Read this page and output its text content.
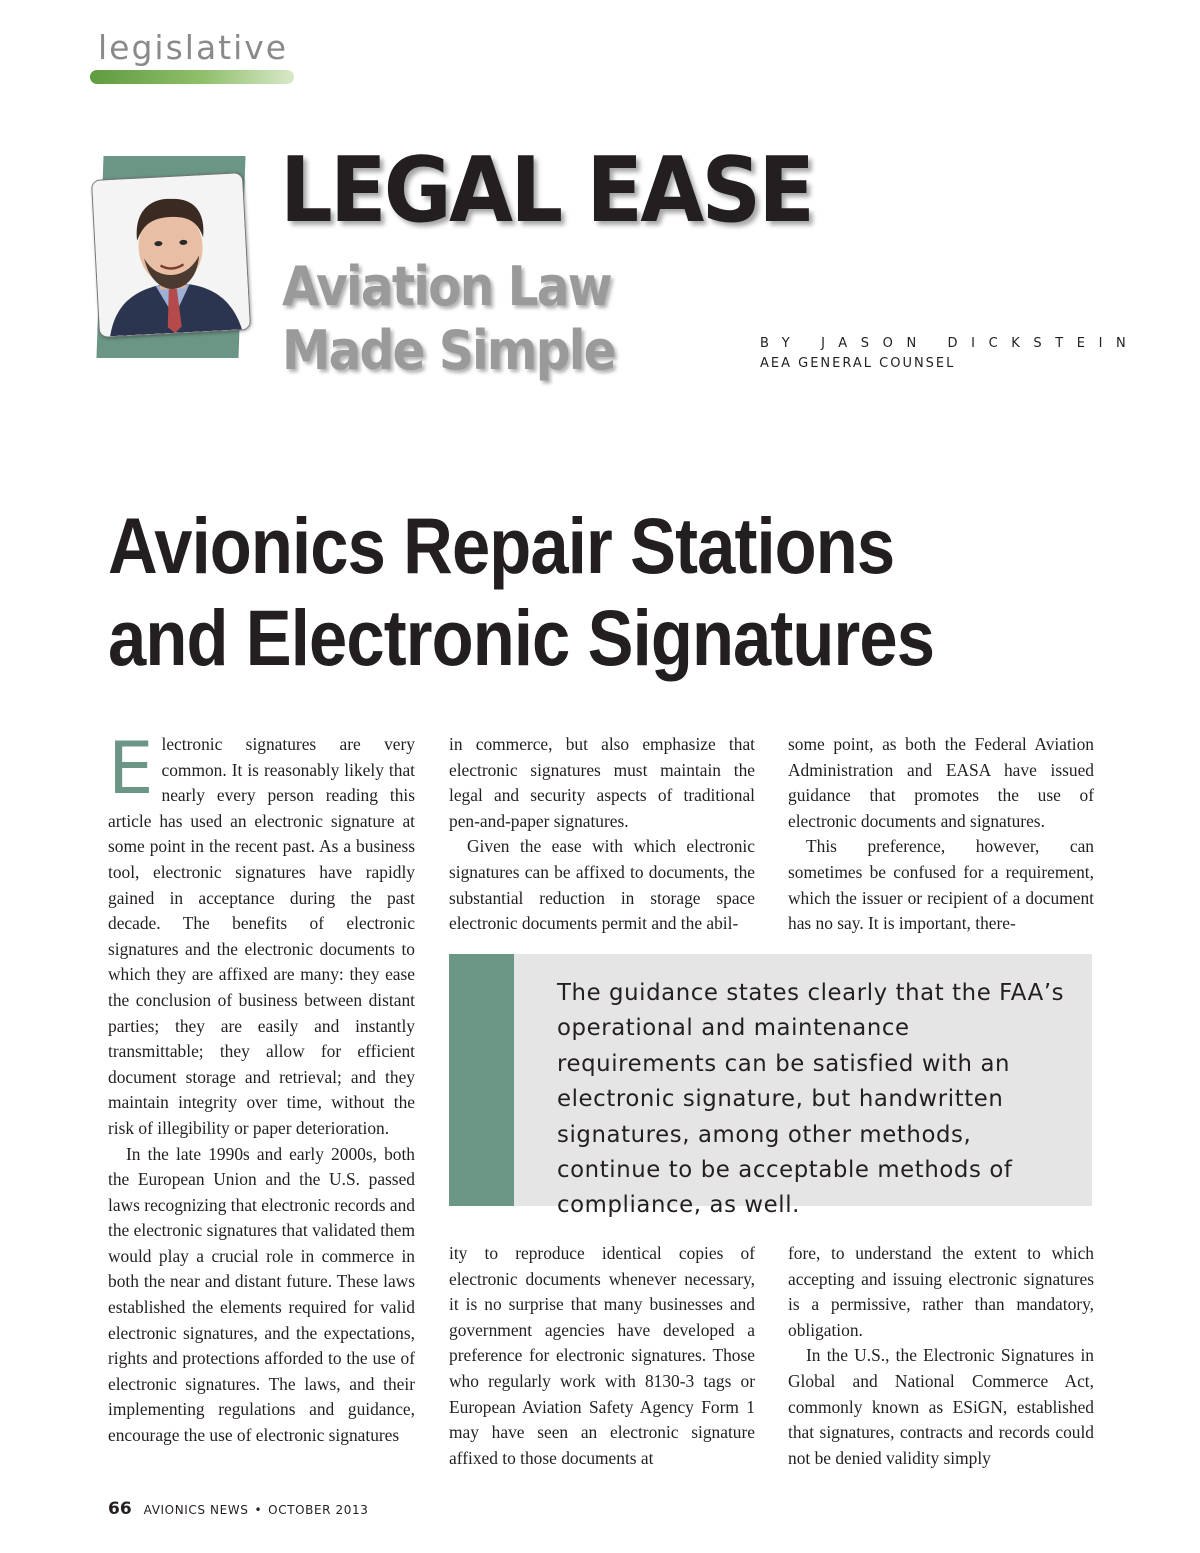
legislative
LEGAL EASE
Aviation Law
Made Simple	BY JASON DICKSTEIN
AEA GENERAL COUNSEL
Avionics Repair Stations
and Electronic Signatures

Electronic signatures are very common. It is reasonably likely that nearly every person reading this article has used an electronic signature at some point in the recent past. As a business tool, electronic signatures have rapidly gained in acceptance during the past decade. The benefits of electronic signatures and the electronic documents to which they are affixed are many: they ease the conclusion of business between distant parties; they are easily and instantly transmittable; they allow for efficient document storage and retrieval; and they maintain integrity over time, without the risk of illegibility or paper deterioration.

In the late 1990s and early 2000s, both the European Union and the U.S. passed laws recognizing that electronic records and the electronic signatures that validated them would play a crucial role in commerce in both the near and distant future. These laws established the elements required for valid electronic signatures, and the expectations, rights and protections afforded to the use of electronic signatures. The laws, and their implementing regulations and guidance, encourage the use of electronic signatures

in commerce, but also emphasize that electronic signatures must maintain the legal and security aspects of traditional pen-and-paper signatures.

Given the ease with which electronic signatures can be affixed to documents, the substantial reduction in storage space electronic documents permit and the abil-

some point, as both the Federal Aviation Administration and EASA have issued guidance that promotes the use of electronic documents and signatures.

This preference, however, can sometimes be confused for a requirement, which the issuer or recipient of a document has no say. It is important, there-

The guidance states clearly that the FAA’s operational and maintenance requirements can be satisfied with an electronic signature, but handwritten signatures, among other methods, continue to be acceptable methods of compliance, as well.

ity to reproduce identical copies of electronic documents whenever necessary, it is no surprise that many businesses and government agencies have developed a preference for electronic signatures. Those who regularly work with 8130-3 tags or European Aviation Safety Agency Form 1 may have seen an electronic signature affixed to those documents at

fore, to understand the extent to which accepting and issuing electronic signatures is a permissive, rather than mandatory, obligation.

In the U.S., the Electronic Signatures in Global and National Commerce Act, commonly known as ESiGN, established that signatures, contracts and records could not be denied validity simply

66 AVIONICS NEWS • OCTOBER 2013
